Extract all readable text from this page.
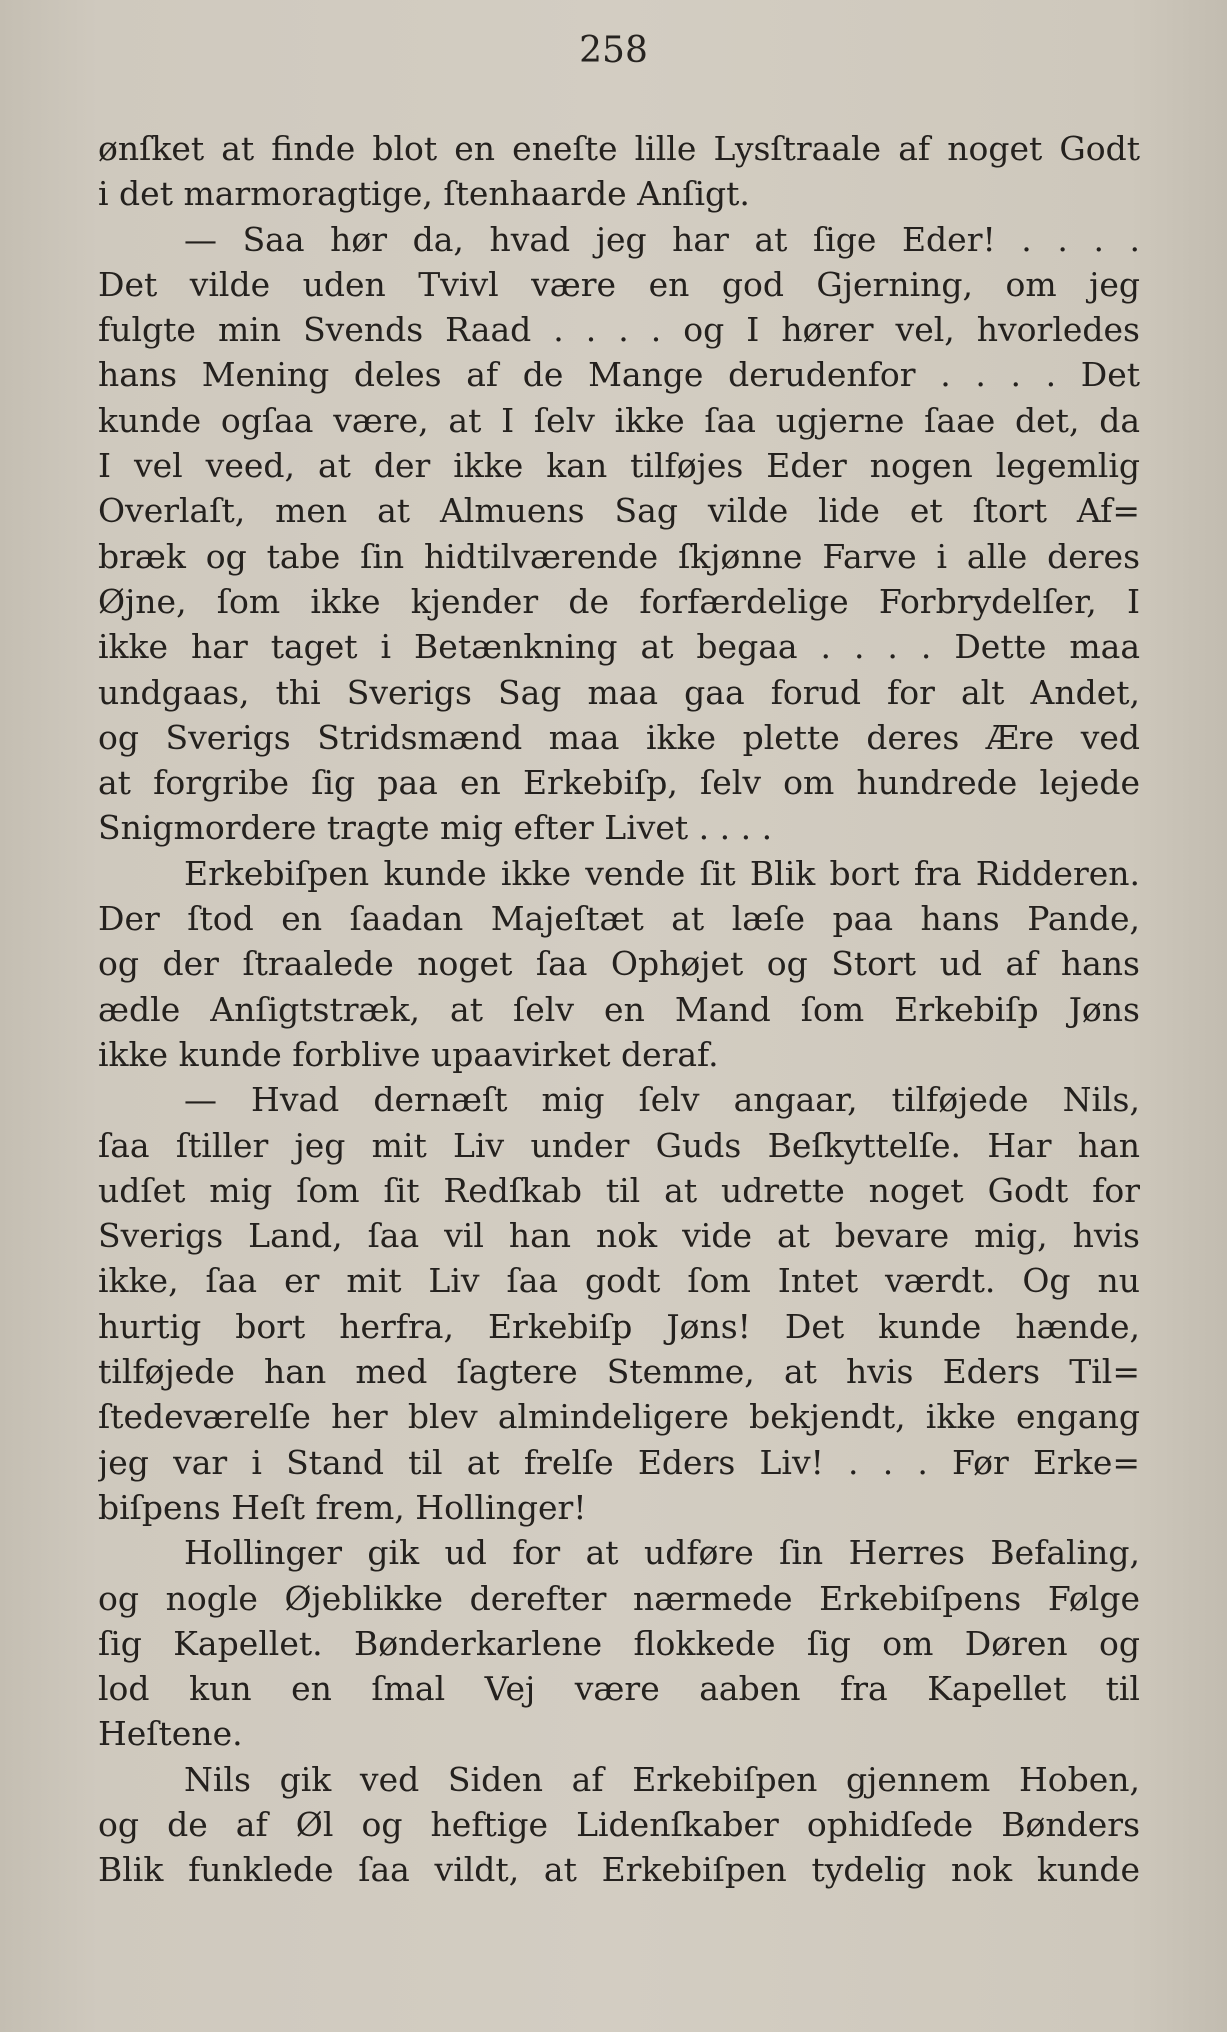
258
ønſket at finde blot en eneſte lille Lysſtraale af noget Godt
i det marmoragtige, ſtenhaarde Anſigt.
— Saa hør da, hvad jeg har at ſige Eder! . . . .
Det vilde uden Tvivl være en god Gjerning, om jeg
fulgte min Svends Raad . . . . og I hører vel, hvorledes
hans Mening deles af de Mange derudenfor . . . . Det
kunde ogſaa være, at I ſelv ikke ſaa ugjerne ſaae det, da
I vel veed, at der ikke kan tilføjes Eder nogen legemlig
Overlaſt, men at Almuens Sag vilde lide et ſtort Af=
bræk og tabe ſin hidtilværende ſkjønne Farve i alle deres
Øjne, ſom ikke kjender de forfærdelige Forbrydelſer, I
ikke har taget i Betænkning at begaa . . . . Dette maa
undgaas, thi Sverigs Sag maa gaa forud for alt Andet,
og Sverigs Stridsmænd maa ikke plette deres Ære ved
at forgribe ſig paa en Erkebiſp, ſelv om hundrede lejede
Snigmordere tragte mig efter Livet . . . .
Erkebiſpen kunde ikke vende ſit Blik bort fra Ridderen.
Der ſtod en ſaadan Majeſtæt at læſe paa hans Pande,
og der ſtraalede noget ſaa Ophøjet og Stort ud af hans
ædle Anſigtstræk, at ſelv en Mand ſom Erkebiſp Jøns
ikke kunde forblive upaavirket deraf.
— Hvad dernæſt mig ſelv angaar, tilføjede Nils,
ſaa ſtiller jeg mit Liv under Guds Beſkyttelſe. Har han
udſet mig ſom ſit Redſkab til at udrette noget Godt for
Sverigs Land, ſaa vil han nok vide at bevare mig, hvis
ikke, ſaa er mit Liv ſaa godt ſom Intet værdt. Og nu
hurtig bort herfra, Erkebiſp Jøns! Det kunde hænde,
tilføjede han med ſagtere Stemme, at hvis Eders Til=
ſtedeværelſe her blev almindeligere bekjendt, ikke engang
jeg var i Stand til at frelſe Eders Liv! . . . Før Erke=
biſpens Heſt frem, Hollinger!
Hollinger gik ud for at udføre ſin Herres Befaling,
og nogle Øjeblikke derefter nærmede Erkebiſpens Følge
ſig Kapellet. Bønderkarlene flokkede ſig om Døren og
lod kun en ſmal Vej være aaben fra Kapellet til
Heſtene.
Nils gik ved Siden af Erkebiſpen gjennem Hoben,
og de af Øl og heftige Lidenſkaber ophidſede Bønders
Blik funklede ſaa vildt, at Erkebiſpen tydelig nok kunde
